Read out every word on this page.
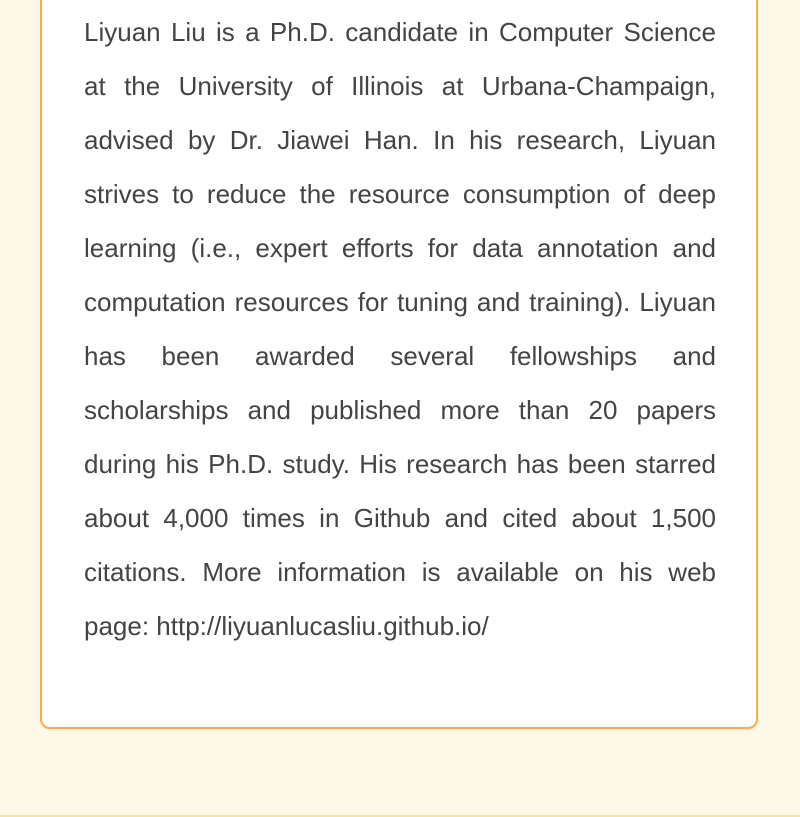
Liyuan Liu is a Ph.D. candidate in Computer Science at the University of Illinois at Urbana-Champaign, advised by Dr. Jiawei Han. In his research, Liyuan strives to reduce the resource consumption of deep learning (i.e., expert efforts for data annotation and computation resources for tuning and training). Liyuan has been awarded several fellowships and scholarships and published more than 20 papers during his Ph.D. study. His research has been starred about 4,000 times in Github and cited about 1,500 citations. More information is available on his web page: http://liyuanlucasliu.github.io/
